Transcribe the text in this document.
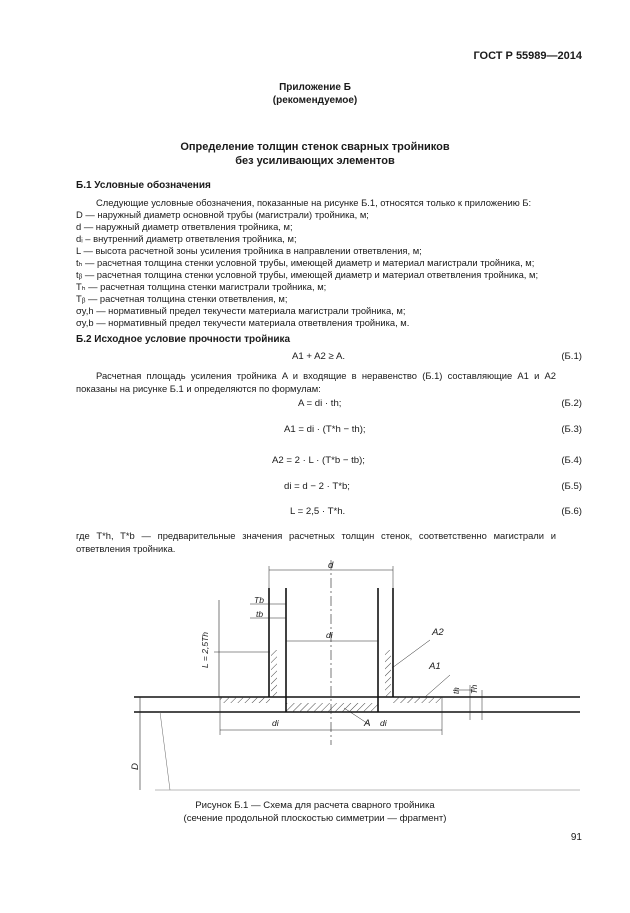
ГОСТ Р 55989—2014
Приложение Б
(рекомендуемое)
Определение толщин стенок сварных тройников
без усиливающих элементов
Б.1 Условные обозначения
Следующие условные обозначения, показанные на рисунке Б.1, относятся только к приложению Б:
D — наружный диаметр основной трубы (магистрали) тройника, м;
d — наружный диаметр ответвления тройника, м;
dᵢ – внутренний диаметр ответвления тройника, м;
L — высота расчетной зоны усиления тройника в направлении ответвления, м;
tₕ — расчетная толщина стенки условной трубы, имеющей диаметр и материал магистрали тройника, м;
tᵦ — расчетная толщина стенки условной трубы, имеющей диаметр и материал ответвления тройника, м;
Tₕ — расчетная толщина стенки магистрали тройника, м;
Tᵦ — расчетная толщина стенки ответвления, м;
σy,h — нормативный предел текучести материала магистрали тройника, м;
σy,b — нормативный предел текучести материала ответвления тройника, м.
Б.2 Исходное условие прочности тройника
A1 + A2 ≥ A.	(Б.1)
Расчетная площадь усиления тройника A и входящие в неравенство (Б.1) составляющие A1 и A2 показаны на рисунке Б.1 и определяются по формулам:
A = di · th;	(Б.2)
A1 = di · (T*h − th);	(Б.3)
A2 = 2 · L · (T*b − tb);	(Б.4)
di = d − 2 · T*b;	(Б.5)
L = 2,5 · T*h.	(Б.6)
где T*h, T*b — предварительные значения расчетных толщин стенок, соответственно магистрали и ответвления тройника.
d
Tb
tb
di
L = 2,5Th	A2
A1
th Th
A
di	di
D
Рисунок Б.1 — Схема для расчета сварного тройника
(сечение продольной плоскостью симметрии — фрагмент)
91
